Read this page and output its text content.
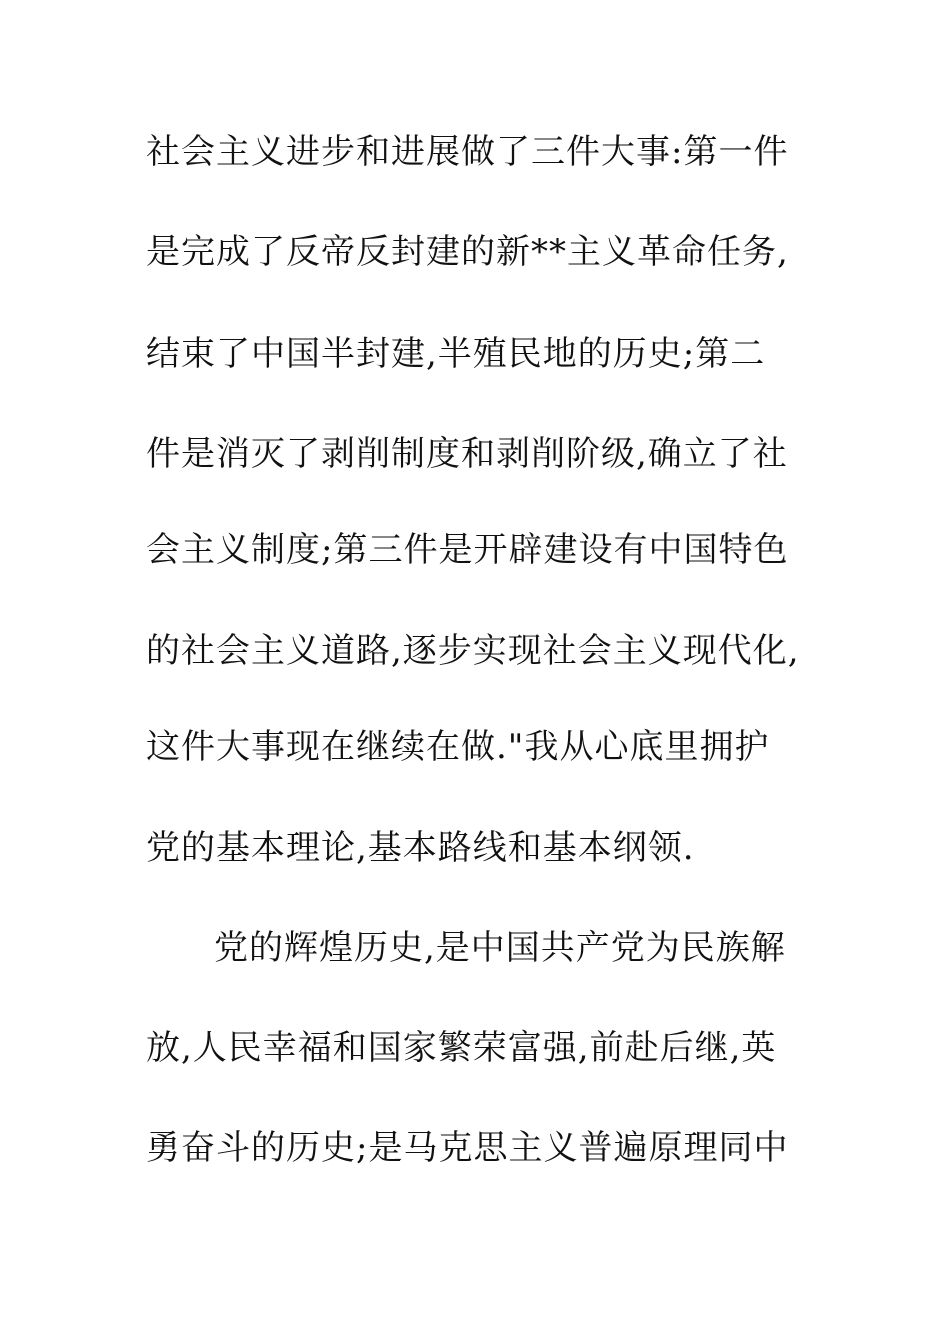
社会主义进步和进展做了三件大事:第一件
是完成了反帝反封建的新**主义革命任务,
结束了中国半封建,半殖民地的历史;第二
件是消灭了剥削制度和剥削阶级,确立了社
会主义制度;第三件是开辟建设有中国特色
的社会主义道路,逐步实现社会主义现代化,
这件大事现在继续在做."我从心底里拥护
党的基本理论,基本路线和基本纲领.
党的辉煌历史,是中国共产党为民族解
放,人民幸福和国家繁荣富强,前赴后继,英
勇奋斗的历史;是马克思主义普遍原理同中
